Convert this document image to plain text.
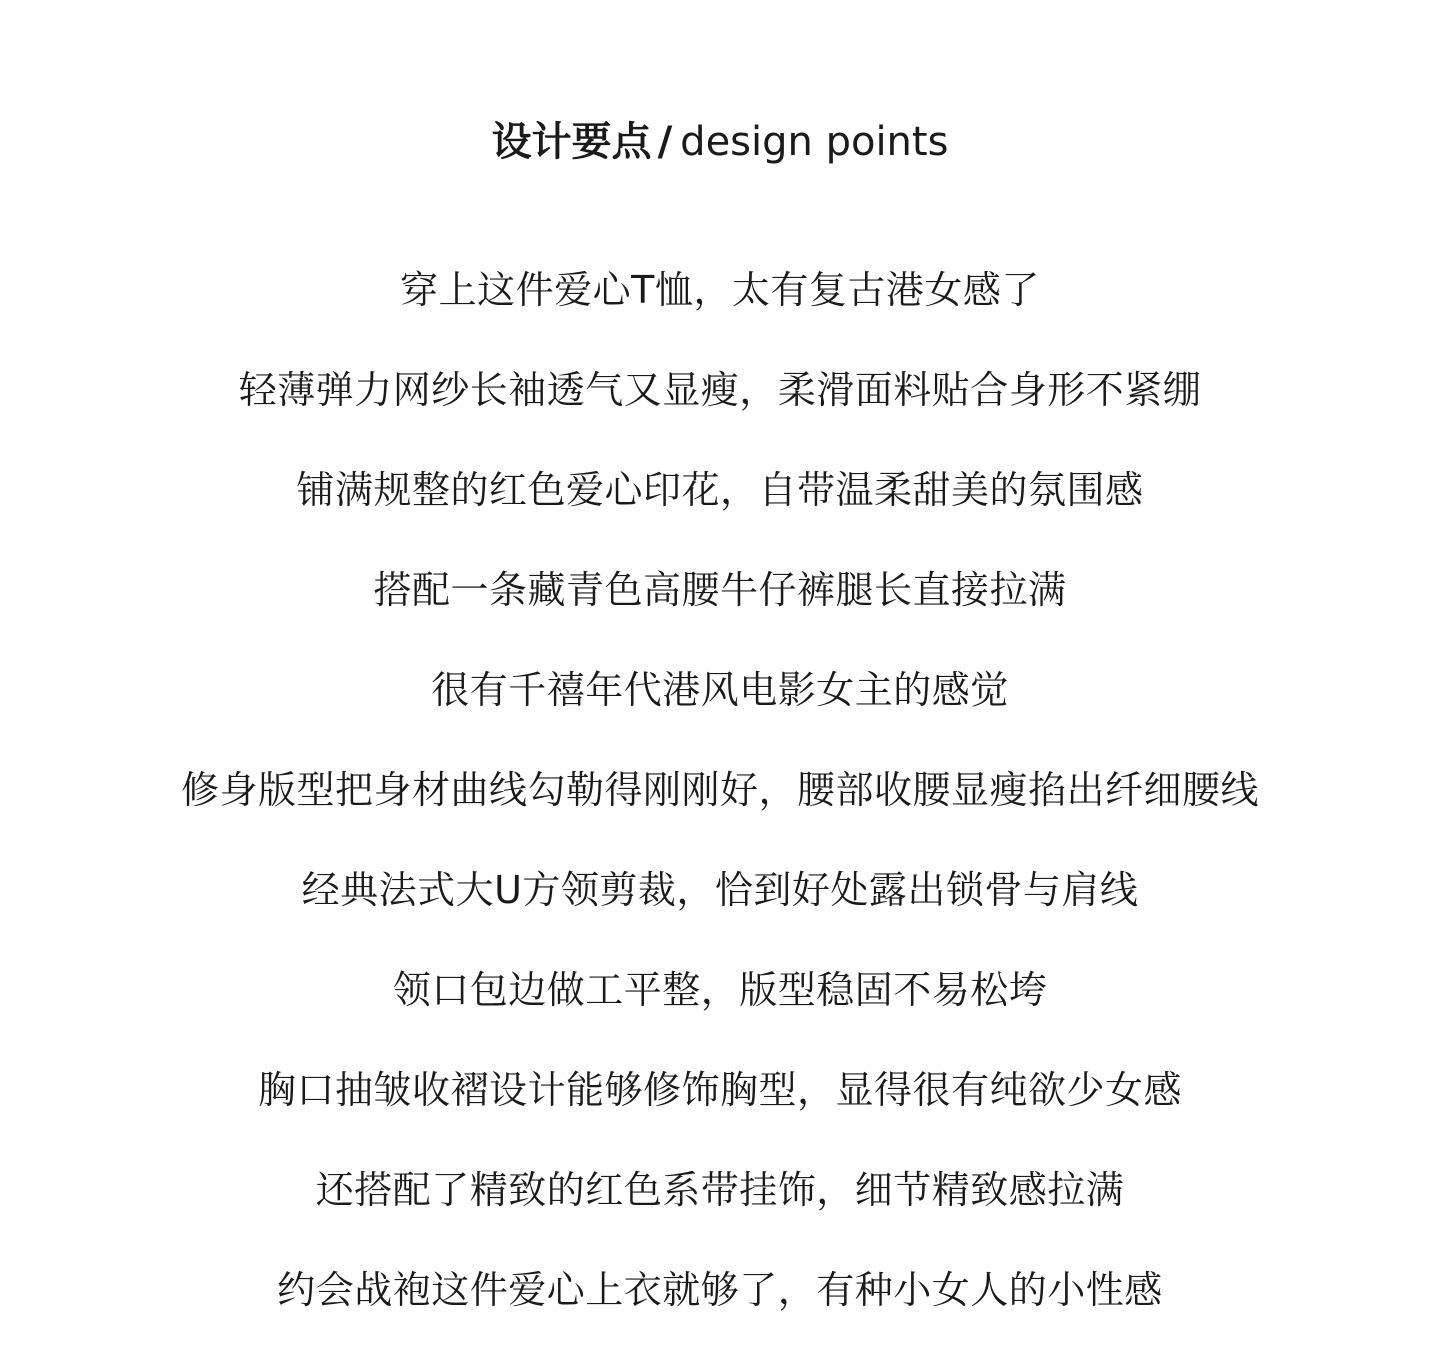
设计要点 / design points
穿上这件爱心T恤，太有复古港女感了
轻薄弹力网纱长袖透气又显瘦，柔滑面料贴合身形不紧绷
铺满规整的红色爱心印花，自带温柔甜美的氛围感
搭配一条藏青色高腰牛仔裤腿长直接拉满
很有千禧年代港风电影女主的感觉
修身版型把身材曲线勾勒得刚刚好，腰部收腰显瘦掐出纤细腰线
经典法式大U方领剪裁，恰到好处露出锁骨与肩线
领口包边做工平整，版型稳固不易松垮
胸口抽皱收褶设计能够修饰胸型，显得很有纯欲少女感
还搭配了精致的红色系带挂饰，细节精致感拉满
约会战袍这件爱心上衣就够了，有种小女人的小性感
